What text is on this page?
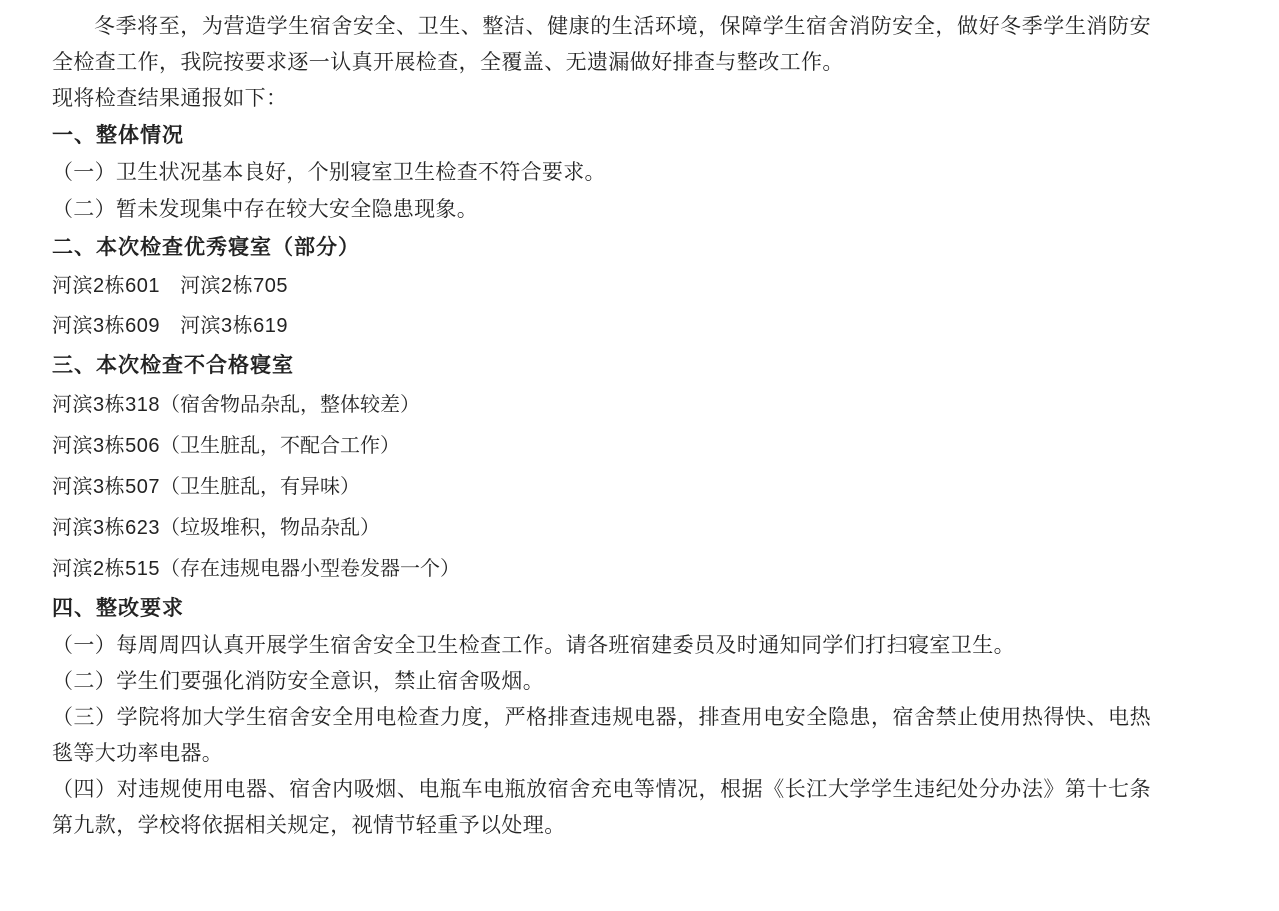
冬季将至，为营造学生宿舍安全、卫生、整洁、健康的生活环境，保障学生宿舍消防安全，做好冬季学生消防安全检查工作，我院按要求逐一认真开展检查，全覆盖、无遗漏做好排查与整改工作。

现将检查结果通报如下：

一、整体情况

（一）卫生状况基本良好，个别寝室卫生检查不符合要求。

（二）暂未发现集中存在较大安全隐患现象。

二、本次检查优秀寝室（部分）

河滨2栋601 河滨2栋705

河滨3栋609 河滨3栋619

三、本次检查不合格寝室

河滨3栋318（宿舍物品杂乱，整体较差）

河滨3栋506（卫生脏乱，不配合工作）

河滨3栋507（卫生脏乱，有异味）

河滨3栋623（垃圾堆积，物品杂乱）

河滨2栋515（存在违规电器小型卷发器一个）

四、整改要求

（一）每周周四认真开展学生宿舍安全卫生检查工作。请各班宿建委员及时通知同学们打扫寝室卫生。

（二）学生们要强化消防安全意识，禁止宿舍吸烟。

（三）学院将加大学生宿舍安全用电检查力度，严格排查违规电器，排查用电安全隐患，宿舍禁止使用热得快、电热毯等大功率电器。

（四）对违规使用电器、宿舍内吸烟、电瓶车电瓶放宿舍充电等情况，根据《长江大学学生违纪处分办法》第十七条第九款，学校将依据相关规定，视情节轻重予以处理。
